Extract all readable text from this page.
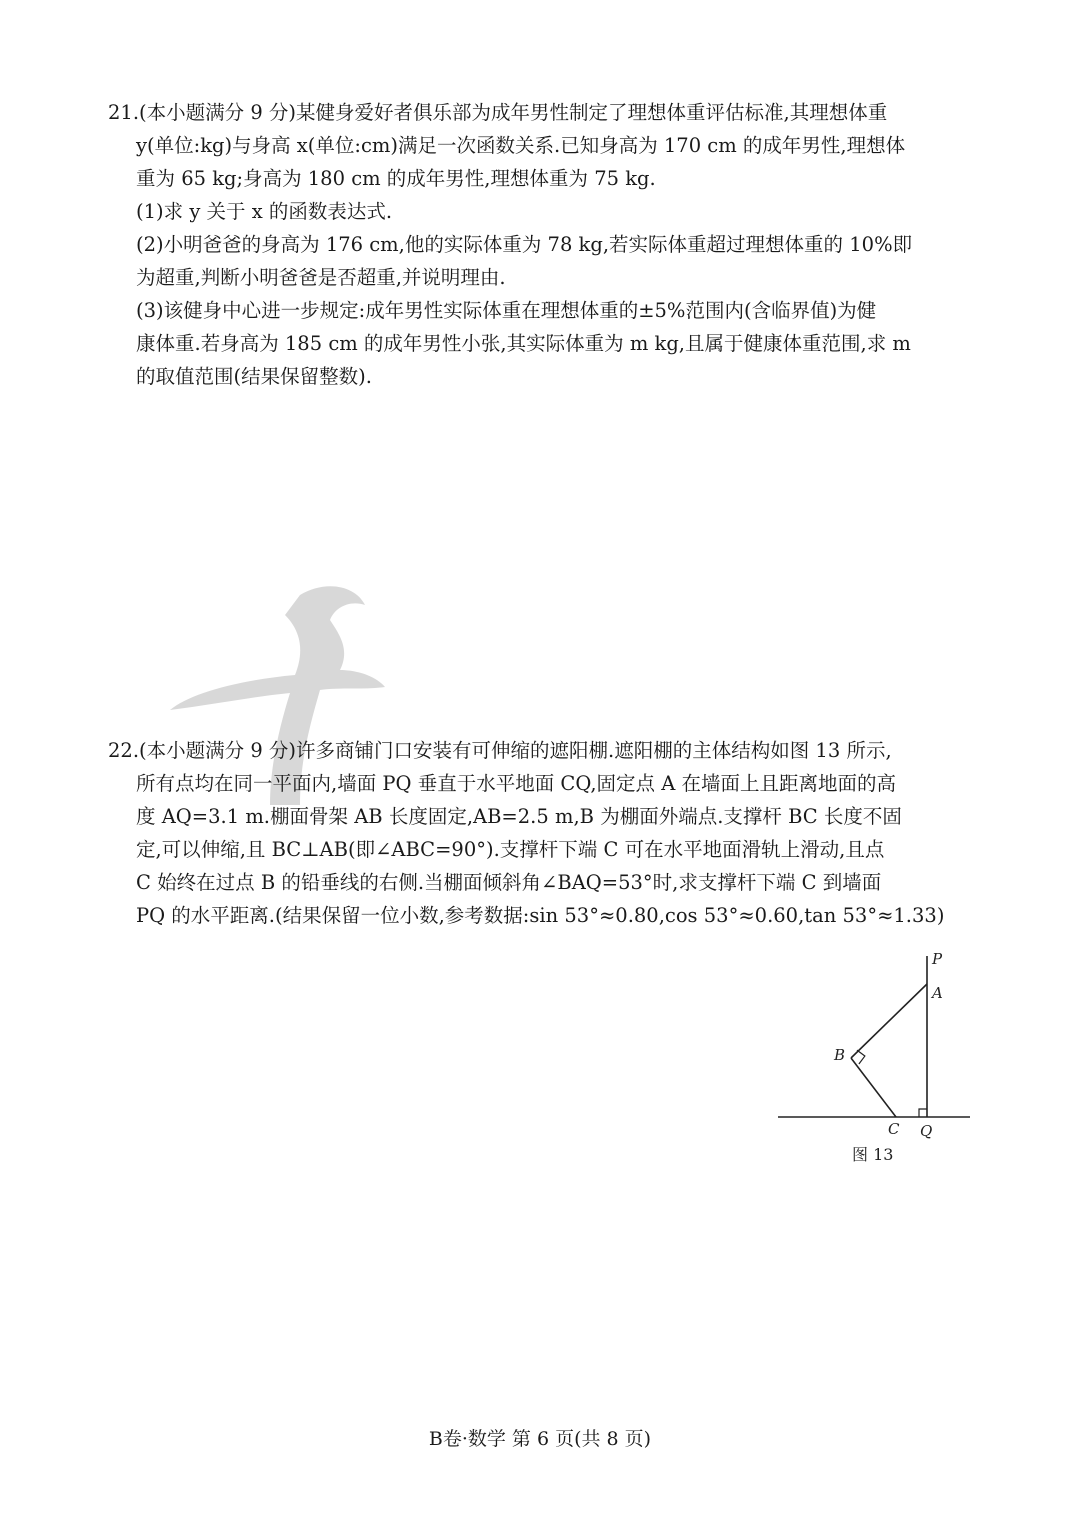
21.(本小题满分 9 分)某健身爱好者俱乐部为成年男性制定了理想体重评估标准,其理想体重

y(单位:kg)与身高 x(单位:cm)满足一次函数关系.已知身高为 170 cm 的成年男性,理想体

重为 65 kg;身高为 180 cm 的成年男性,理想体重为 75 kg.

(1)求 y 关于 x 的函数表达式.

(2)小明爸爸的身高为 176 cm,他的实际体重为 78 kg,若实际体重超过理想体重的 10%即

为超重,判断小明爸爸是否超重,并说明理由.

(3)该健身中心进一步规定:成年男性实际体重在理想体重的±5%范围内(含临界值)为健

康体重.若身高为 185 cm 的成年男性小张,其实际体重为 m kg,且属于健康体重范围,求 m

的取值范围(结果保留整数).

22.(本小题满分 9 分)许多商铺门口安装有可伸缩的遮阳棚.遮阳棚的主体结构如图 13 所示,

所有点均在同一平面内,墙面 PQ 垂直于水平地面 CQ,固定点 A 在墙面上且距离地面的高

度 AQ=3.1 m.棚面骨架 AB 长度固定,AB=2.5 m,B 为棚面外端点.支撑杆 BC 长度不固

定,可以伸缩,且 BC⊥AB(即∠ABC=90°).支撑杆下端 C 可在水平地面滑轨上滑动,且点

C 始终在过点 B 的铅垂线的右侧.当棚面倾斜角∠BAQ=53°时,求支撑杆下端 C 到墙面

PQ 的水平距离.(结果保留一位小数,参考数据:sin 53°≈0.80,cos 53°≈0.60,tan 53°≈1.33)

P
A
B
C Q
图 13
B卷·数学 第 6 页(共 8 页)
